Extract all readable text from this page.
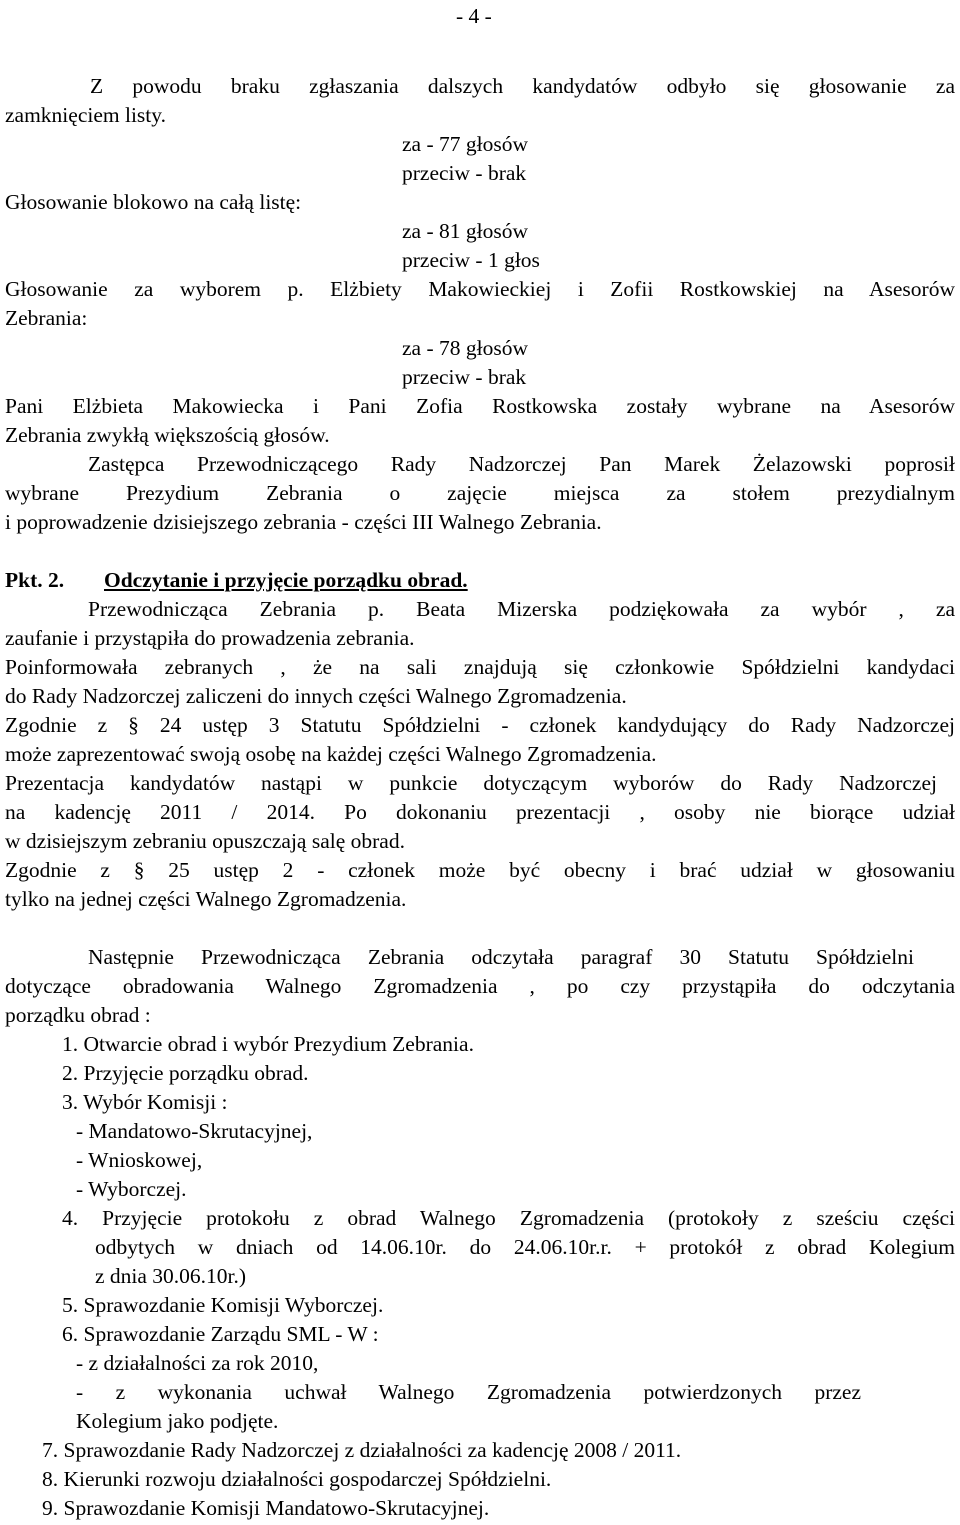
- 4 -
Z powodu braku zgłaszania dalszych kandydatów odbyło się głosowanie za
zamknięciem listy.
za - 77 głosów
przeciw - brak
Głosowanie blokowo na całą listę:
za - 81 głosów
przeciw - 1 głos
Głosowanie za wyborem p. Elżbiety Makowieckiej i Zofii Rostkowskiej na Asesorów
Zebrania:
za - 78 głosów
przeciw - brak
Pani Elżbieta Makowiecka i Pani Zofia Rostkowska zostały wybrane na Asesorów
Zebrania zwykłą większością głosów.
Zastępca Przewodniczącego Rady Nadzorczej Pan Marek Żelazowski poprosił
wybrane Prezydium Zebrania o zajęcie miejsca za stołem prezydialnym
i poprowadzenie dzisiejszego zebrania - części III Walnego Zebrania.
Pkt. 2. Odczytanie i przyjęcie porządku obrad.
Przewodnicząca Zebrania p. Beata Mizerska podziękowała za wybór , za
zaufanie i przystąpiła do prowadzenia zebrania.
Poinformowała zebranych , że na sali znajdują się członkowie Spółdzielni kandydaci
do Rady Nadzorczej zaliczeni do innych części Walnego Zgromadzenia.
Zgodnie z § 24 ustęp 3 Statutu Spółdzielni - członek kandydujący do Rady Nadzorczej
może zaprezentować swoją osobę na każdej części Walnego Zgromadzenia.
Prezentacja kandydatów nastąpi w punkcie dotyczącym wyborów do Rady Nadzorczej
na kadencję 2011 / 2014. Po dokonaniu prezentacji , osoby nie biorące udział
w dzisiejszym zebraniu opuszczają salę obrad.
Zgodnie z § 25 ustęp 2 - członek może być obecny i brać udział w głosowaniu
tylko na jednej części Walnego Zgromadzenia.
Następnie Przewodnicząca Zebrania odczytała paragraf 30 Statutu Spółdzielni
dotyczące obradowania Walnego Zgromadzenia , po czy przystąpiła do odczytania
porządku obrad :
1. Otwarcie obrad i wybór Prezydium Zebrania.
2. Przyjęcie porządku obrad.
3. Wybór Komisji :
- Mandatowo-Skrutacyjnej,
- Wnioskowej,
- Wyborczej.
4. Przyjęcie protokołu z obrad Walnego Zgromadzenia (protokoły z sześciu części
odbytych w dniach od 14.06.10r. do 24.06.10r.r. + protokół z obrad Kolegium
z dnia 30.06.10r.)
5. Sprawozdanie Komisji Wyborczej.
6. Sprawozdanie Zarządu SML - W :
- z działalności za rok 2010,
- z wykonania uchwał Walnego Zgromadzenia potwierdzonych przez
Kolegium jako podjęte.
7. Sprawozdanie Rady Nadzorczej z działalności za kadencję 2008 / 2011.
8. Kierunki rozwoju działalności gospodarczej Spółdzielni.
9. Sprawozdanie Komisji Mandatowo-Skrutacyjnej.
